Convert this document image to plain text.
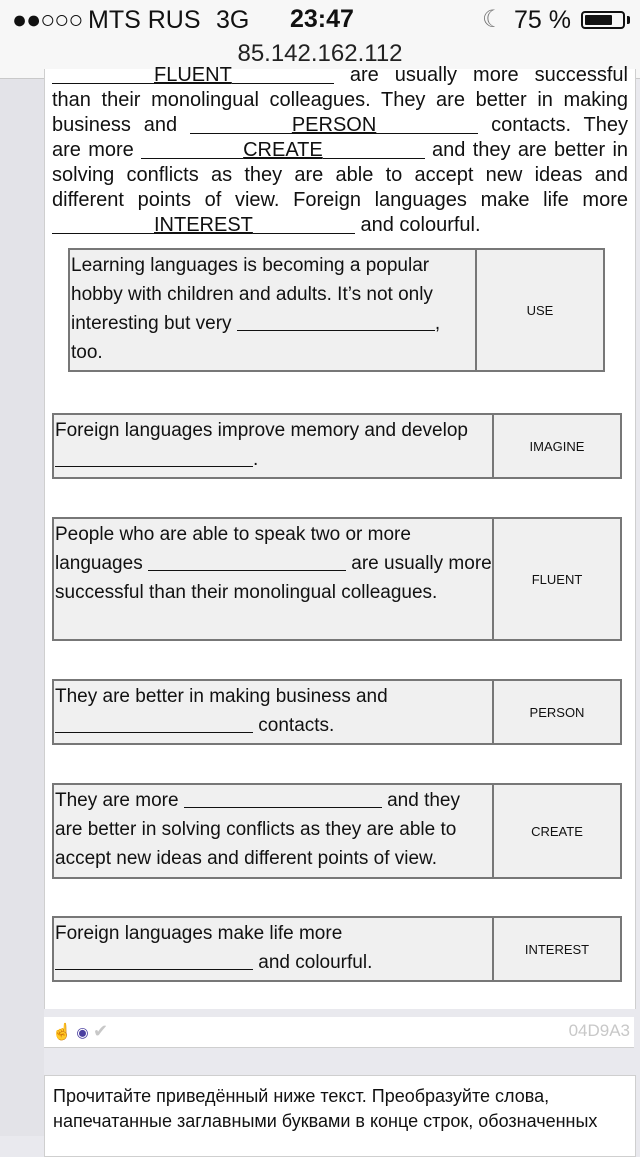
●●○○○ MTS RUS 3G 23:47	☾ 75 %
85.142.162.112
FLUENT	are usually more successful than their monolingual colleagues. They are better in making business and	PERSON	contacts. They are more	CREATE	and they are better in solving conflicts as they are able to accept new ideas and different points of view. Foreign languages make life more INTEREST	and colourful.
Learning languages is becoming a popular hobby with children and adults. It’s not only interesting but very	, too.
USE
Foreign languages improve memory and develop .
IMAGINE
People who are able to speak two or more languages	are usually more successful than their monolingual colleagues.
FLUENT
They are better in making business and  contacts.
PERSON
They are more	and they are better in solving conflicts as they are able to accept new ideas and different points of view.
CREATE
Foreign languages make life more  and colourful.
INTEREST
☝ ◉ ✔	04D9A3
Прочитайте приведённый ниже текст. Преобразуйте слова, напечатанные заглавными буквами в конце строк, обозначенных
